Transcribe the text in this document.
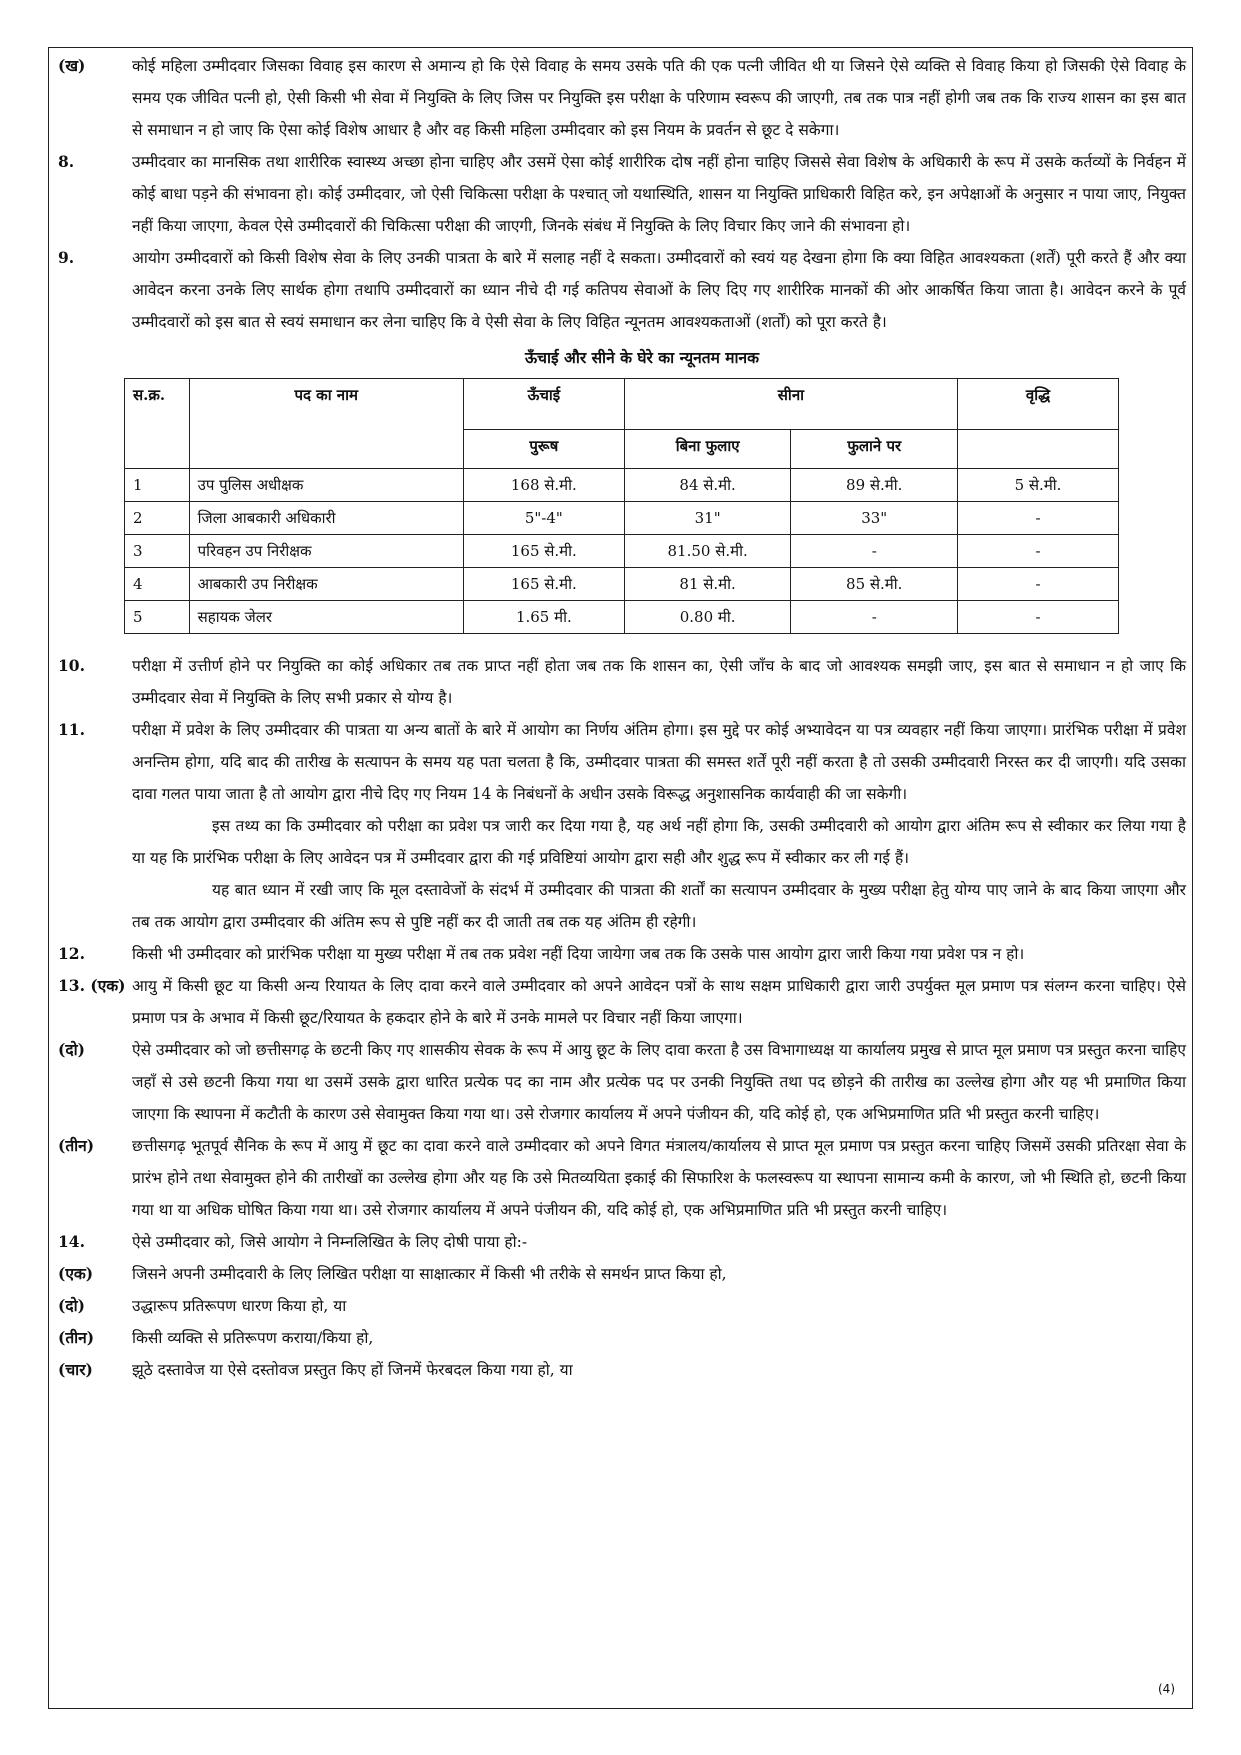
(ख)	कोई महिला उम्मीदवार जिसका विवाह इस कारण से अमान्य हो कि ऐसे विवाह के समय उसके पति की एक पत्नी जीवित थी या जिसने ऐसे व्यक्ति से विवाह किया हो जिसकी ऐसे विवाह के समय एक जीवित पत्नी हो, ऐसी किसी भी सेवा में नियुक्ति के लिए जिस पर नियुक्ति इस परीक्षा के परिणाम स्वरूप की जाएगी, तब तक पात्र नहीं होगी जब तक कि राज्य शासन का इस बात से समाधान न हो जाए कि ऐसा कोई विशेष आधार है और वह किसी महिला उम्मीदवार को इस नियम के प्रवर्तन से छूट दे सकेगा।
8.	उम्मीदवार का मानसिक तथा शारीरिक स्वास्थ्य अच्छा होना चाहिए और उसमें ऐसा कोई शारीरिक दोष नहीं होना चाहिए जिससे सेवा विशेष के अधिकारी के रूप में उसके कर्तव्यों के निर्वहन में कोई बाधा पड़ने की संभावना हो। कोई उम्मीदवार, जो ऐसी चिकित्सा परीक्षा के पश्चात् जो यथास्थिति, शासन या नियुक्ति प्राधिकारी विहित करे, इन अपेक्षाओं के अनुसार न पाया जाए, नियुक्त नहीं किया जाएगा, केवल ऐसे उम्मीदवारों की चिकित्सा परीक्षा की जाएगी, जिनके संबंध में नियुक्ति के लिए विचार किए जाने की संभावना हो।
9.	आयोग उम्मीदवारों को किसी विशेष सेवा के लिए उनकी पात्रता के बारे में सलाह नहीं दे सकता। उम्मीदवारों को स्वयं यह देखना होगा कि क्या विहित आवश्यकता (शर्तें) पूरी करते हैं और क्या आवेदन करना उनके लिए सार्थक होगा तथापि उम्मीदवारों का ध्यान नीचे दी गई कतिपय सेवाओं के लिए दिए गए शारीरिक मानकों की ओर आकर्षित किया जाता है। आवेदन करने के पूर्व उम्मीदवारों को इस बात से स्वयं समाधान कर लेना चाहिए कि वे ऐसी सेवा के लिए विहित न्यूनतम आवश्यकताओं (शर्तों) को पूरा करते है।
ऊँचाई और सीने के घेरे का न्यूनतम मानक
स.क्र.	पद का नाम	ऊँचाई	सीना		वृद्धि
		पुरूष	बिना फुलाए	फुलाने पर	
1	उप पुलिस अधीक्षक	168 से.मी.	84 से.मी.	89 से.मी.	5 से.मी.
2	जिला आबकारी अधिकारी	5"-4"	31"	33"	-
3	परिवहन उप निरीक्षक	165 से.मी.	81.50 से.मी.	-	-
4	आबकारी उप निरीक्षक	165 से.मी.	81 से.मी.	85 से.मी.	-
5	सहायक जेलर	1.65 मी.	0.80 मी.	-	-
10.	परीक्षा में उत्तीर्ण होने पर नियुक्ति का कोई अधिकार तब तक प्राप्त नहीं होता जब तक कि शासन का, ऐसी जाँच के बाद जो आवश्यक समझी जाए, इस बात से समाधान न हो जाए कि उम्मीदवार सेवा में नियुक्ति के लिए सभी प्रकार से योग्य है।
11.	परीक्षा में प्रवेश के लिए उम्मीदवार की पात्रता या अन्य बातों के बारे में आयोग का निर्णय अंतिम होगा। इस मुद्दे पर कोई अभ्यावेदन या पत्र व्यवहार नहीं किया जाएगा। प्रारंभिक परीक्षा में प्रवेश अनन्तिम होगा, यदि बाद की तारीख के सत्यापन के समय यह पता चलता है कि, उम्मीदवार पात्रता की समस्त शर्तें पूरी नहीं करता है तो उसकी उम्मीदवारी निरस्त कर दी जाएगी। यदि उसका दावा गलत पाया जाता है तो आयोग द्वारा नीचे दिए गए नियम 14 के निबंधनों के अधीन उसके विरूद्ध अनुशासनिक कार्यवाही की जा सकेगी।
इस तथ्य का कि उम्मीदवार को परीक्षा का प्रवेश पत्र जारी कर दिया गया है, यह अर्थ नहीं होगा कि, उसकी उम्मीदवारी को आयोग द्वारा अंतिम रूप से स्वीकार कर लिया गया है या यह कि प्रारंभिक परीक्षा के लिए आवेदन पत्र में उम्मीदवार द्वारा की गई प्रविष्टियां आयोग द्वारा सही और शुद्ध रूप में स्वीकार कर ली गई हैं।
यह बात ध्यान में रखी जाए कि मूल दस्तावेजों के संदर्भ में उम्मीदवार की पात्रता की शर्तों का सत्यापन उम्मीदवार के मुख्य परीक्षा हेतु योग्य पाए जाने के बाद किया जाएगा और तब तक आयोग द्वारा उम्मीदवार की अंतिम रूप से पुष्टि नहीं कर दी जाती तब तक यह अंतिम ही रहेगी।
12.	किसी भी उम्मीदवार को प्रारंभिक परीक्षा या मुख्य परीक्षा में तब तक प्रवेश नहीं दिया जायेगा जब तक कि उसके पास आयोग द्वारा जारी किया गया प्रवेश पत्र न हो।
13. (एक) आयु में किसी छूट या किसी अन्य रियायत के लिए दावा करने वाले उम्मीदवार को अपने आवेदन पत्रों के साथ सक्षम प्राधिकारी द्वारा जारी उपर्युक्त मूल प्रमाण पत्र संलग्न करना चाहिए। ऐसे प्रमाण पत्र के अभाव में किसी छूट/रियायत के हकदार होने के बारे में उनके मामले पर विचार नहीं किया जाएगा।
(दो)	ऐसे उम्मीदवार को जो छत्तीसगढ़ के छटनी किए गए शासकीय सेवक के रूप में आयु छूट के लिए दावा करता है उस विभागाध्यक्ष या कार्यालय प्रमुख से प्राप्त मूल प्रमाण पत्र प्रस्तुत करना चाहिए जहाँ से उसे छटनी किया गया था उसमें उसके द्वारा धारित प्रत्येक पद का नाम और प्रत्येक पद पर उनकी नियुक्ति तथा पद छोड़ने की तारीख का उल्लेख होगा और यह भी प्रमाणित किया जाएगा कि स्थापना में कटौती के कारण उसे सेवामुक्त किया गया था। उसे रोजगार कार्यालय में अपने पंजीयन की, यदि कोई हो, एक अभिप्रमाणित प्रति भी प्रस्तुत करनी चाहिए।
(तीन)	छत्तीसगढ़ भूतपूर्व सैनिक के रूप में आयु में छूट का दावा करने वाले उम्मीदवार को अपने विगत मंत्रालय/कार्यालय से प्राप्त मूल प्रमाण पत्र प्रस्तुत करना चाहिए जिसमें उसकी प्रतिरक्षा सेवा के प्रारंभ होने तथा सेवामुक्त होने की तारीखों का उल्लेख होगा और यह कि उसे मितव्ययिता इकाई की सिफारिश के फलस्वरूप या स्थापना सामान्य कमी के कारण, जो भी स्थिति हो, छटनी किया गया था या अधिक घोषित किया गया था। उसे रोजगार कार्यालय में अपने पंजीयन की, यदि कोई हो, एक अभिप्रमाणित प्रति भी प्रस्तुत करनी चाहिए।
14.	ऐसे उम्मीदवार को, जिसे आयोग ने निम्नलिखित के लिए दोषी पाया हो:-
(एक)	जिसने अपनी उम्मीदवारी के लिए लिखित परीक्षा या साक्षात्कार में किसी भी तरीके से समर्थन प्राप्त किया हो,
(दो)	उद्धारूप प्रतिरूपण धारण किया हो, या
(तीन)	किसी व्यक्ति से प्रतिरूपण कराया/किया हो,
(चार)	झूठे दस्तावेज या ऐसे दस्तोवज प्रस्तुत किए हों जिनमें फेरबदल किया गया हो, या
(4)
